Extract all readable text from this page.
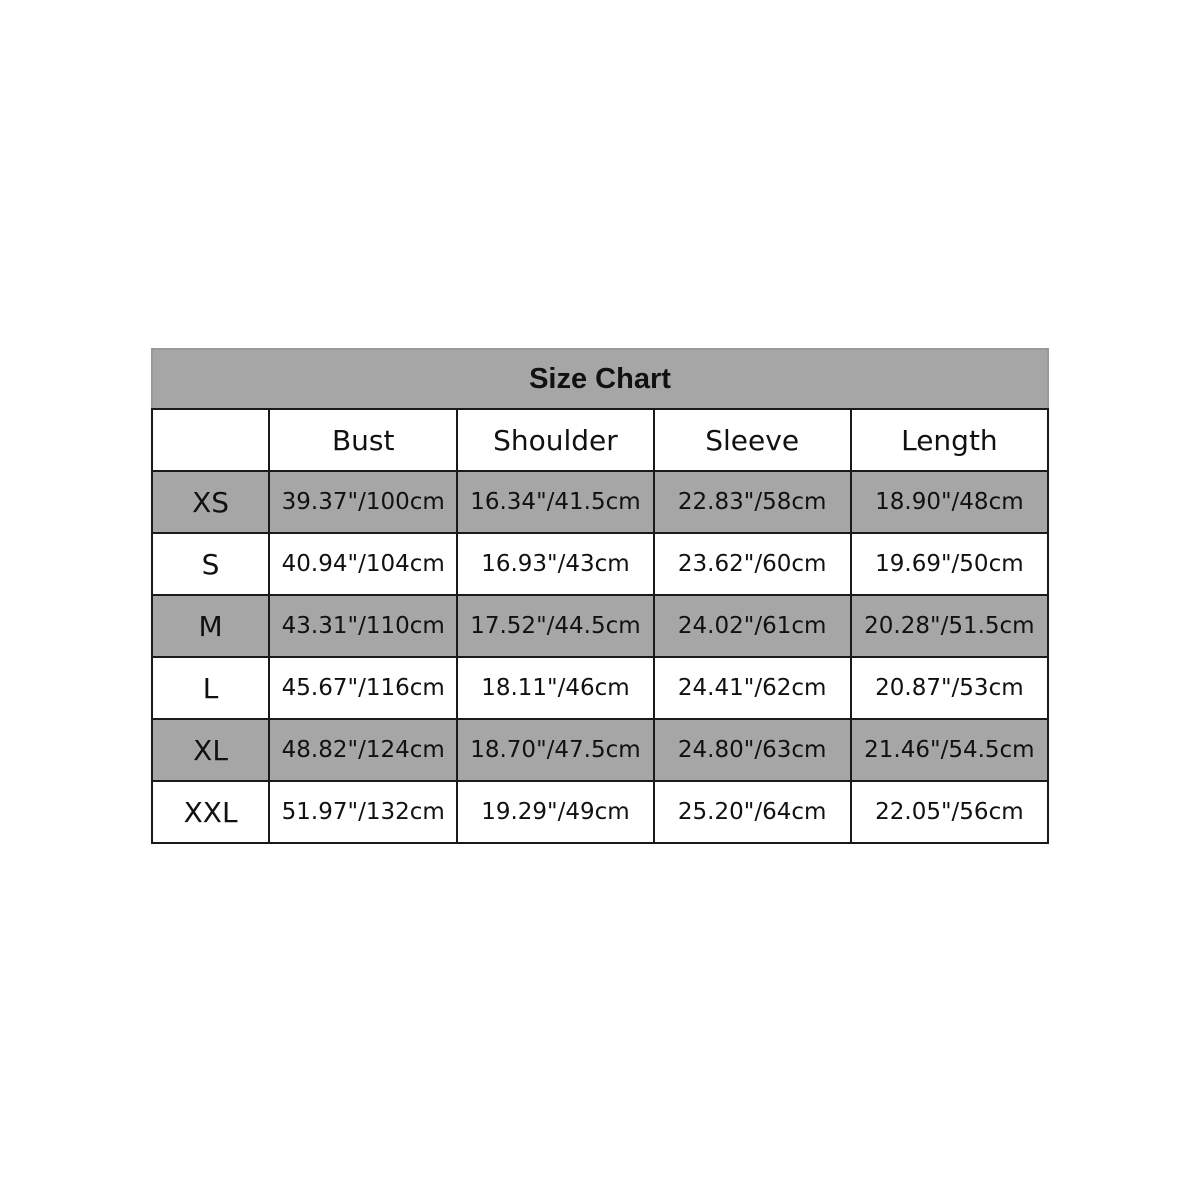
Size Chart				
	Bust	Shoulder	Sleeve	Length
XS	39.37"/100cm	16.34"/41.5cm	22.83"/58cm	18.90"/48cm
S	40.94"/104cm	16.93"/43cm	23.62"/60cm	19.69"/50cm
M	43.31"/110cm	17.52"/44.5cm	24.02"/61cm	20.28"/51.5cm
L	45.67"/116cm	18.11"/46cm	24.41"/62cm	20.87"/53cm
XL	48.82"/124cm	18.70"/47.5cm	24.80"/63cm	21.46"/54.5cm
XXL	51.97"/132cm	19.29"/49cm	25.20"/64cm	22.05"/56cm
